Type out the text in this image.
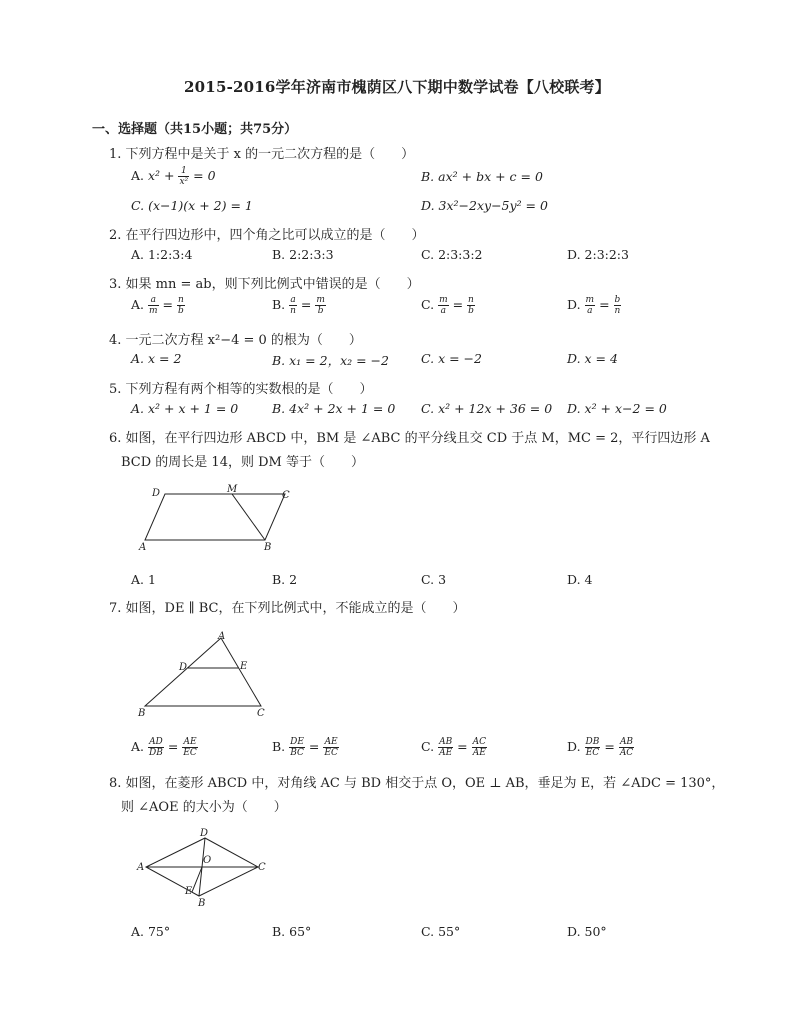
2015-2016学年济南市槐荫区八下期中数学试卷【八校联考】
一、选择题（共15小题；共75分）
1. 下列方程中是关于 x 的一元二次方程的是（　　）
A. $x^2 + \frac{1}{\text{x²}} = 0$	B. ax² + bx + c = 0
C. (x−1)(x + 2) = 1	D. 3x²−2xy−5y² = 0
2. 在平行四边形中，四个角之比可以成立的是（　　）
A. 1:2:3:4	B. 2:2:3:3	C. 2:3:3:2	D. 2:3:2:3
3. 如果 mn = ab，则下列比例式中错误的是（　　）
A. $\frac{a}{m} = \frac{n}{b}$	B. $\frac{a}{n} = \frac{m}{b}$	C. $\frac{m}{a} = \frac{n}{b}$	D. $\frac{m}{a} = \frac{b}{n}$
4. 一元二次方程 x²−4 = 0 的根为（　　）
A. x = 2	B. x₁ = 2，x₂ = −2	C. x = −2	D. x = 4
5. 下列方程有两个相等的实数根的是（　　）
A. x² + x + 1 = 0	B. 4x² + 2x + 1 = 0 C. x² + 12x + 36 = 0 D. x² + x−2 = 0
6. 如图，在平行四边形 ABCD 中，BM 是 ∠ABC 的平分线且交 CD 于点 M，MC = 2，平行四边形 A
BCD 的周长是 14，则 DM 等于（　　）
D	M
C
A	B
A. 1	B. 2	C. 3	D. 4
7. 如图，DE ∥ BC，在下列比例式中，不能成立的是（　　）
A
D	E
B	C
A. $\frac{AD}{DB} = \frac{AE}{EC}$	B. $\frac{DE}{BC} = \frac{AE}{EC}$	C. $\frac{AB}{AE} = \frac{AC}{AE}$	D. $\frac{DB}{EC} = \frac{AB}{AC}$
8. 如图，在菱形 ABCD 中，对角线 AC 与 BD 相交于点 O，OE ⊥ AB，垂足为 E，若 ∠ADC = 130°，
则 ∠AOE 的大小为（　　）
D
A
O
C
E
B
A. 75°	B. 65°	C. 55°	D. 50°
